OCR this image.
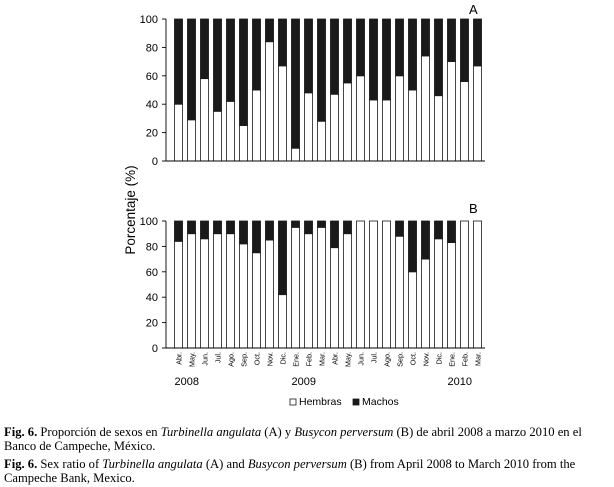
0
20
40
60
80
100
A
Abr. May. Jun. Jul. Ago. Sep. Oct. Nov. Dic. Ene. Feb. Mar. Abr. May. Jun. Jul. Ago. Sep. Oct. Nov. Dic. Ene. Feb. Mar.
0
20
40
60
80
100
B
2008	2009	2010
Porcentaje (%)
Hembras Machos
Fig. 6. Proporción de sexos en Turbinella angulata (A) y Busycon perversum (B) de abril 2008 a marzo 2010 en el Banco de Campeche, México.
Fig. 6. Sex ratio of Turbinella angulata (A) and Busycon perversum (B) from April 2008 to March 2010 from the Campeche Bank, Mexico.
